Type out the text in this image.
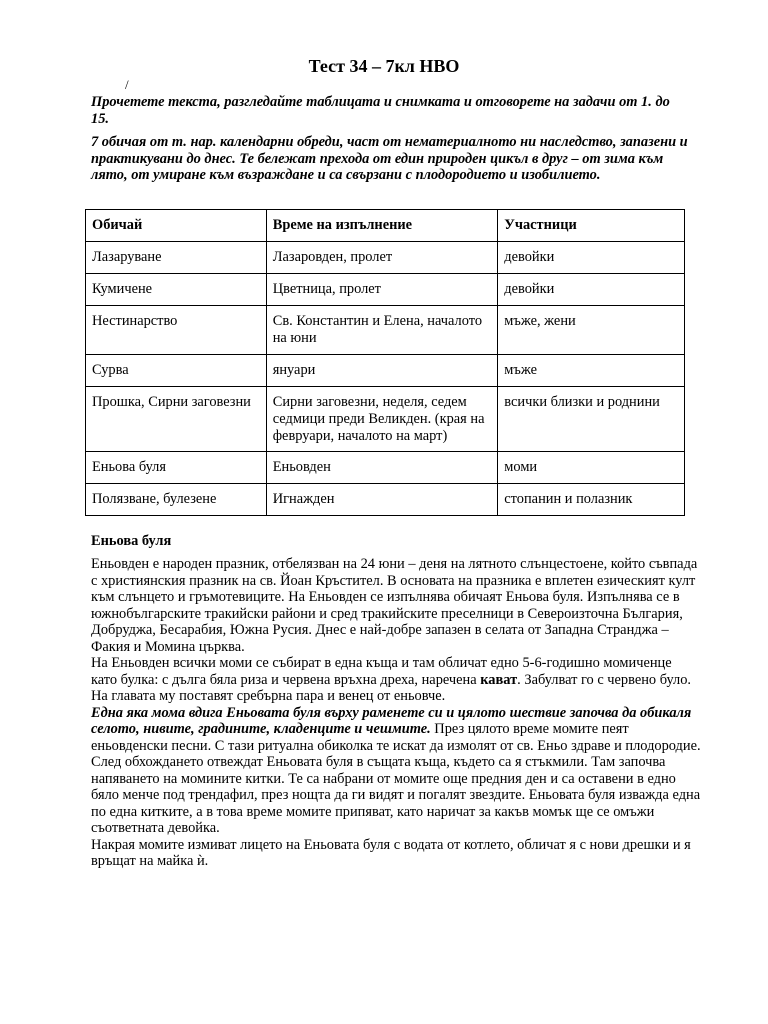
Тест 34 – 7кл НВО
/

Прочетете текста, разгледайте таблицата и снимката и отговорете на задачи от 1. до 15.

7 обичая от т. нар. календарни обреди, част от нематериалното ни наследство, запазени и практикувани до днес. Те бележат прехода от един природен цикъл в друг – от зима към лято, от умиране към възраждане и са свързани с плодородието и изобилието.

Обичай	Време на изпълнение	Участници
Лазаруване	Лазаровден, пролет	девойки
Кумичене	Цветница, пролет	девойки
Нестинарство	Св. Константин и Елена, началото на юни	мъже, жени
Сурва	януари	мъже
Прошка, Сирни заговезни	Сирни заговезни, неделя, седем седмици преди Великден. (края на февруари, началото на март)	всички близки и роднини
Еньова буля	Еньовден	моми
Полязване, булезене	Игнажден	стопанин и полазник
Еньова буля
Еньовден е народен празник, отбелязван на 24 юни – деня на лятното слънцестоене, който съвпада с християнския празник на св. Йоан Кръстител. В основата на празника е вплетен езическият култ към слънцето и гръмотевиците. На Еньовден се изпълнява обичаят Еньова буля. Изпълнява се в южнобългарските тракийски райони и сред тракийските преселници в Североизточна България, Добруджа, Бесарабия, Южна Русия. Днес е най-добре запазен в селата от Западна Странджа – Факия и Момина църква.
На Еньовден всички моми се събират в една къща и там обличат едно 5-6-годишно момиченце като булка: с дълга бяла риза и червена връхна дреха, наречена кават. Забулват го с червено було. На главата му поставят сребърна пара и венец от еньовче.
Една яка мома вдига Еньовата буля върху раменете си и цялото шествие започва да обикаля селото, нивите, градините, кладенците и чешмите. През цялото време момите пеят еньовденски песни. С тази ритуална обиколка те искат да измолят от св. Еньо здраве и плодородие.
След обхождането отвеждат Еньовата буля в същата къща, където са я стъкмили. Там започва напяването на момините китки. Те са набрани от момите още предния ден и са оставени в едно бяло менче под трендафил, през нощта да ги видят и погалят звездите. Еньовата буля изважда една по една китките, а в това време момите припяват, като наричат за какъв момък ще се омъжи съответната девойка.
Накрая момите измиват лицето на Еньовата буля с водата от котлето, обличат я с нови дрешки и я връщат на майка ѝ.
